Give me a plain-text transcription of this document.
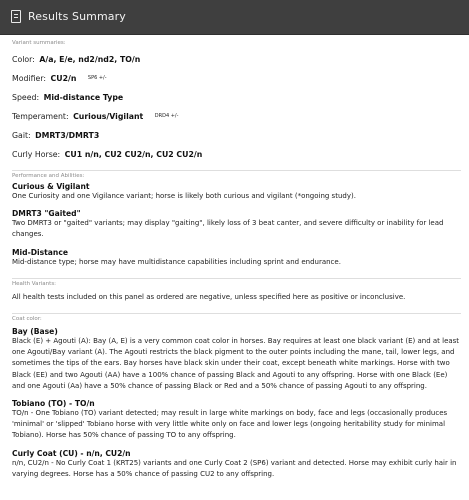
Results Summary
Variant summaries:
Color: A/a, E/e, nd2/nd2, TO/n
Modifier: CU2/n $^{SP6 +/-}$
Speed: Mid-distance Type
Temperament: Curious/Vigilant $^{DRD4 +/-}$
Gait: DMRT3/DMRT3
Curly Horse: CU1 n/n, CU2 CU2/n, CU2 CU2/n
Performance and Abilities:
Curious & Vigilant
One Curiosity and one Vigilance variant; horse is likely both curious and vigilant (*ongoing study).
DMRT3 "Gaited"
Two DMRT3 or "gaited" variants; may display "gaiting", likely loss of 3 beat canter, and severe difficulty or inability for lead changes.
Mid-Distance
Mid-distance type; horse may have multidistance capabilities including sprint and endurance.
Health Variants:
All health tests included on this panel as ordered are negative, unless specified here as positive or inconclusive.
Coat color:
Bay (Base)
Black (E) + Agouti (A): Bay (A, E) is a very common coat color in horses. Bay requires at least one black variant (E) and at least one Agouti/Bay variant (A). The Agouti restricts the black pigment to the outer points including the mane, tail, lower legs, and sometimes the tips of the ears. Bay horses have black skin under their coat, except beneath white markings. Horse with two Black (EE) and two Agouti (AA) have a 100% chance of passing Black and Agouti to any offspring. Horse with one Black (Ee) and one Agouti (Aa) have a 50% chance of passing Black or Red and a 50% chance of passing Agouti to any offspring.
Tobiano (TO) - TO/n
TO/n - One Tobiano (TO) variant detected; may result in large white markings on body, face and legs (occasionally produces 'minimal' or 'slipped' Tobiano horse with very little white only on face and lower legs (ongoing heritability study for minimal Tobiano). Horse has 50% chance of passing TO to any offspring.
Curly Coat (CU) - n/n, CU2/n
n/n, CU2/n - No Curly Coat 1 (KRT25) variants and one Curly Coat 2 (SP6) variant and detected. Horse may exhibit curly hair in varying degrees. Horse has a 50% chance of passing CU2 to any offspring.
